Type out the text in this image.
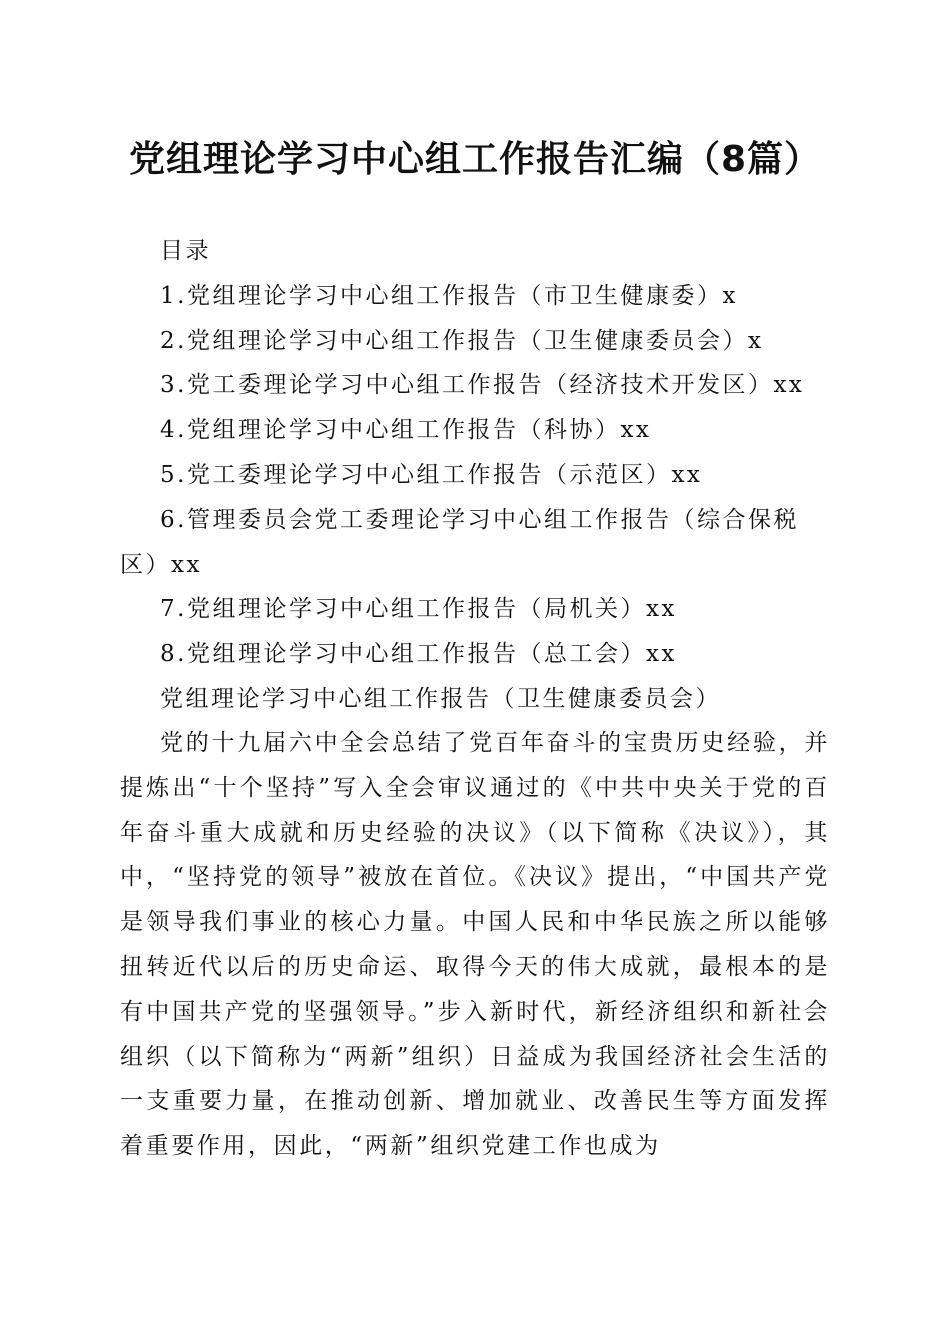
党组理论学习中心组工作报告汇编（8篇）

目录

1.党组理论学习中心组工作报告（市卫生健康委）x

2.党组理论学习中心组工作报告（卫生健康委员会）x

3.党工委理论学习中心组工作报告（经济技术开发区）xx

4.党组理论学习中心组工作报告（科协）xx

5.党工委理论学习中心组工作报告（示范区）xx

6.管理委员会党工委理论学习中心组工作报告（综合保税区）xx

7.党组理论学习中心组工作报告（局机关）xx

8.党组理论学习中心组工作报告（总工会）xx

党组理论学习中心组工作报告（卫生健康委员会）

党的十九届六中全会总结了党百年奋斗的宝贵历史经验，并提炼出“十个坚持”写入全会审议通过的《中共中央关于党的百年奋斗重大成就和历史经验的决议》（以下简称《决议》），其中，“坚持党的领导”被放在首位。《决议》提出，“中国共产党是领导我们事业的核心力量。中国人民和中华民族之所以能够扭转近代以后的历史命运、取得今天的伟大成就，最根本的是有中国共产党的坚强领导。”步入新时代，新经济组织和新社会组织（以下简称为“两新”组织）日益成为我国经济社会生活的一支重要力量，在推动创新、增加就业、改善民生等方面发挥着重要作用，因此，“两新”组织党建工作也成为
